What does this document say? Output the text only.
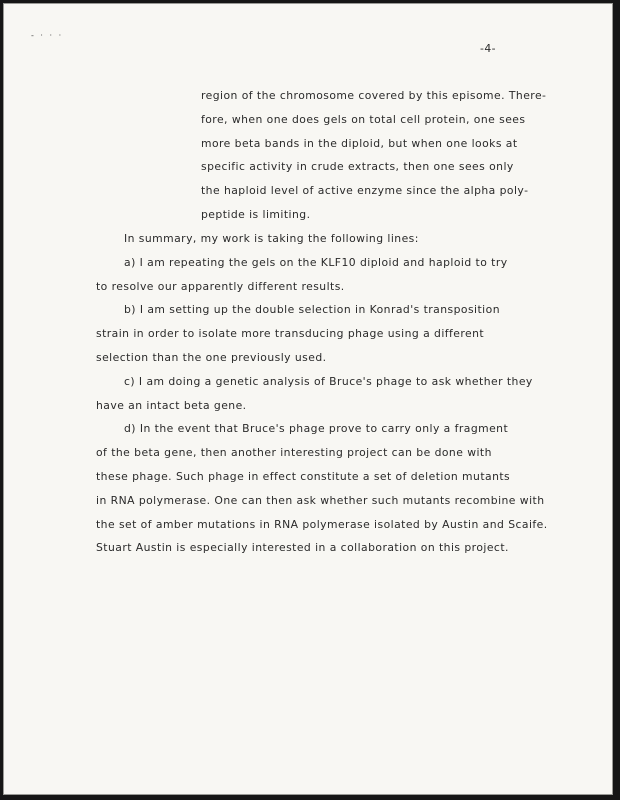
- · · ·
-4-
region of the chromosome covered by this episome. There-
fore, when one does gels on total cell protein, one sees
more beta bands in the diploid, but when one looks at
specific activity in crude extracts, then one sees only
the haploid level of active enzyme since the alpha poly-
peptide is limiting.
In summary, my work is taking the following lines:
a) I am repeating the gels on the KLF10 diploid and haploid to try
to resolve our apparently different results.
b) I am setting up the double selection in Konrad's transposition
strain in order to isolate more transducing phage using a different
selection than the one previously used.
c) I am doing a genetic analysis of Bruce's phage to ask whether they
have an intact beta gene.
d) In the event that Bruce's phage prove to carry only a fragment
of the beta gene, then another interesting project can be done with
these phage. Such phage in effect constitute a set of deletion mutants
in RNA polymerase. One can then ask whether such mutants recombine with
the set of amber mutations in RNA polymerase isolated by Austin and Scaife.
Stuart Austin is especially interested in a collaboration on this project.
